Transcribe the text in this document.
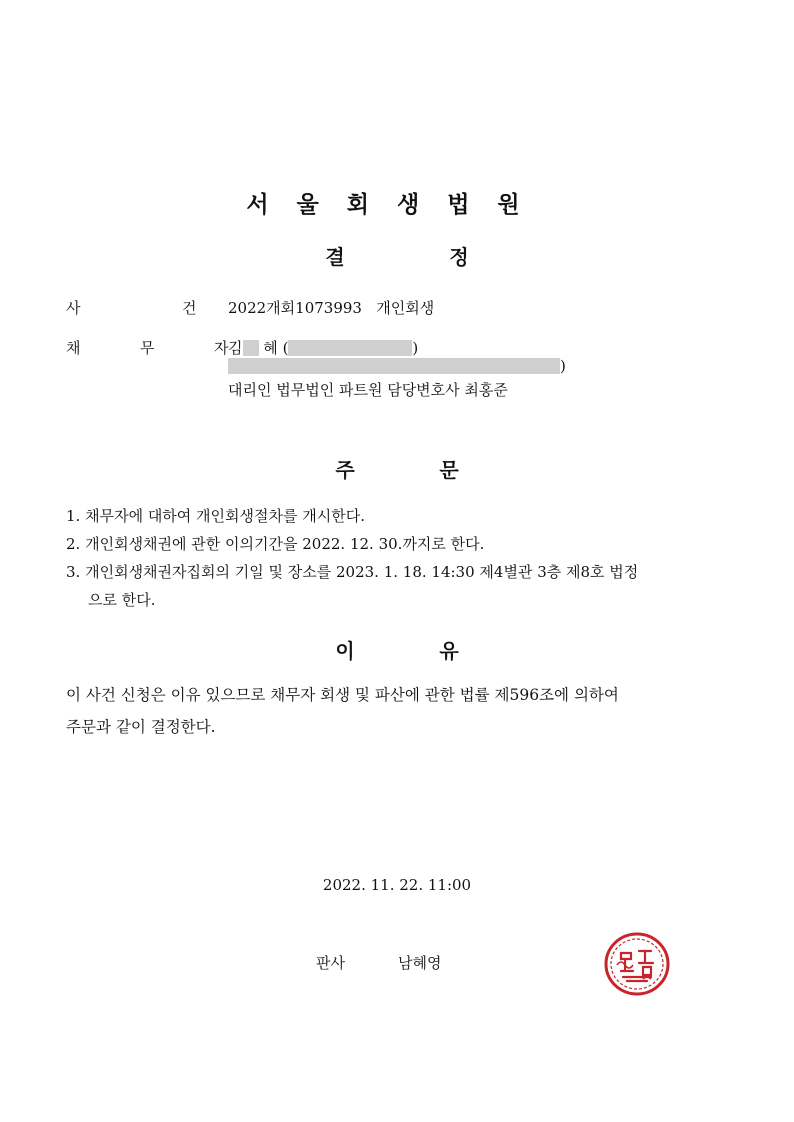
서울회생법원
결	정
사	건	2022개회1073993 개인회생
채	무	자 김 혜 (	)
)
대리인 법무법인 파트원 담당변호사 최홍준
주	문
1. 채무자에 대하여 개인회생절차를 개시한다.
2. 개인회생채권에 관한 이의기간을 2022. 12. 30.까지로 한다.
3. 개인회생채권자집회의 기일 및 장소를 2023. 1. 18. 14:30 제4별관 3층 제8호 법정
으로 한다.
이	유
이 사건 신청은 이유 있으므로 채무자 회생 및 파산에 관한 법률 제596조에 의하여
주문과 같이 결정한다.
2022. 11. 22. 11:00
판사	남혜영
